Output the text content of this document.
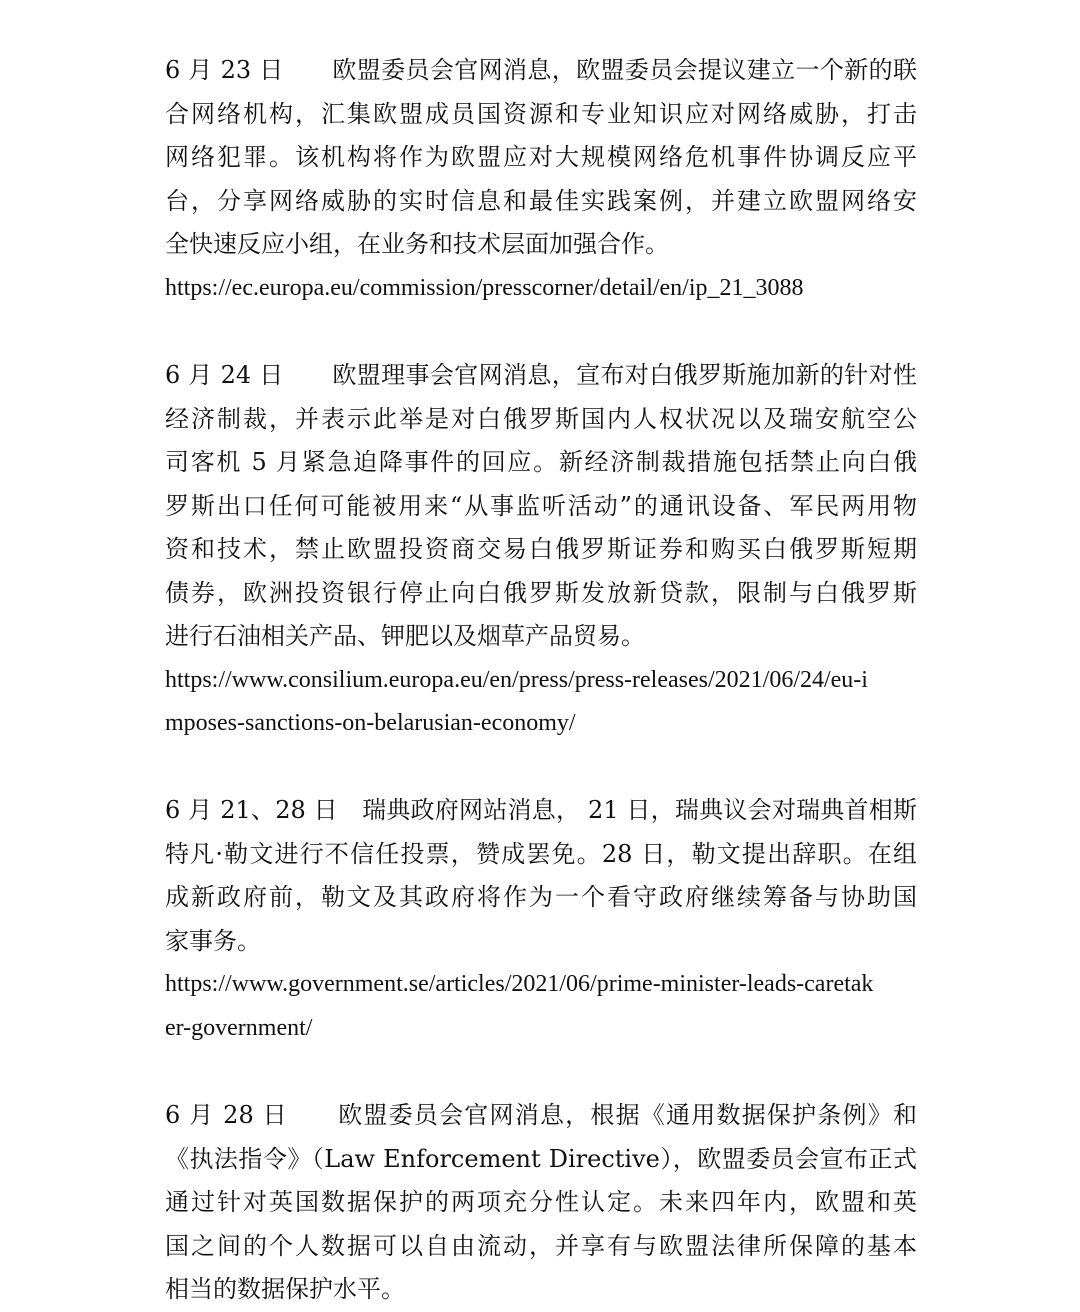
6 月 23 日　　欧盟委员会官网消息，欧盟委员会提议建立一个新的联
合网络机构，汇集欧盟成员国资源和专业知识应对网络威胁，打击
网络犯罪。该机构将作为欧盟应对大规模网络危机事件协调反应平
台，分享网络威胁的实时信息和最佳实践案例，并建立欧盟网络安
全快速反应小组，在业务和技术层面加强合作。
https://ec.europa.eu/commission/presscorner/detail/en/ip_21_3088
6 月 24 日　　欧盟理事会官网消息，宣布对白俄罗斯施加新的针对性
经济制裁，并表示此举是对白俄罗斯国内人权状况以及瑞安航空公
司客机 5 月紧急迫降事件的回应。新经济制裁措施包括禁止向白俄
罗斯出口任何可能被用来“从事监听活动”的通讯设备、军民两用物
资和技术，禁止欧盟投资商交易白俄罗斯证券和购买白俄罗斯短期
债券，欧洲投资银行停止向白俄罗斯发放新贷款，限制与白俄罗斯
进行石油相关产品、钾肥以及烟草产品贸易。
https://www.consilium.europa.eu/en/press/press-releases/2021/06/24/eu-i
mposes-sanctions-on-belarusian-economy/
6 月 21、28 日　瑞典政府网站消息， 21 日，瑞典议会对瑞典首相斯
特凡·勒文进行不信任投票，赞成罢免。28 日，勒文提出辞职。在组
成新政府前，勒文及其政府将作为一个看守政府继续筹备与协助国
家事务。
https://www.government.se/articles/2021/06/prime-minister-leads-caretak
er-government/
6 月 28 日　　欧盟委员会官网消息，根据《通用数据保护条例》和
《执法指令》（Law Enforcement Directive），欧盟委员会宣布正式
通过针对英国数据保护的两项充分性认定。未来四年内，欧盟和英
国之间的个人数据可以自由流动，并享有与欧盟法律所保障的基本
相当的数据保护水平。
